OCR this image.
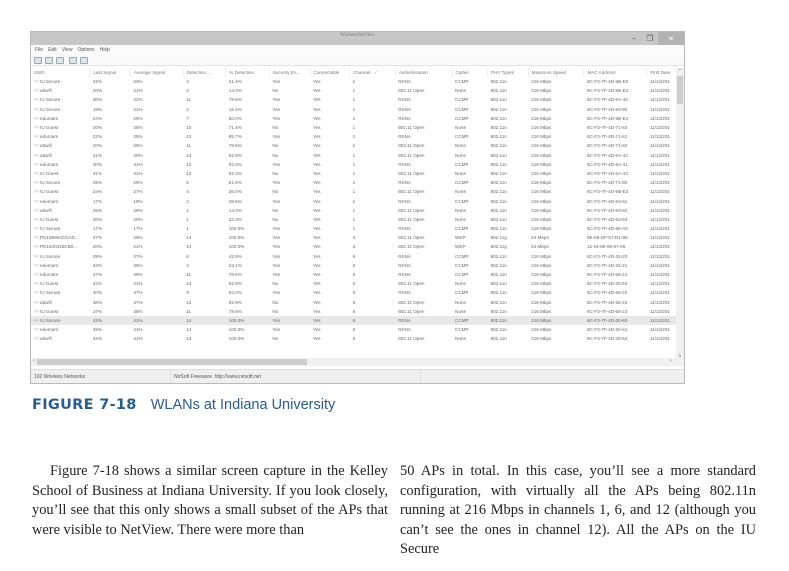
WirelessNetView	–	❐	✕
File Edit View Options Help
SSID	Last Signal	Average Signal	Detection ...	% Detection	Security En...	Connectable	Channel... /	Authentication	Cipher	PHY Types	Maximum Speed	MAC Address	First Date
((•))IU Secure	22%	23%	3	21.4%	Yes	Yes	1	RSNA	CCMP	802.11n	216 Mbps	6C-F3-7F-4D-5B-E0	11/12/201
((•))attwifi	20%	21%	2	14.3%	No	Yes	1	802.11 Open	None	802.11n	216 Mbps	6C-F3-7F-4D-5B-E2	11/12/201
((•))IU Secure	30%	32%	11	78.6%	Yes	Yes	1	RSNA	CCMP	802.11n	216 Mbps	6C-F3-7F-4D-6A-40	11/12/201
((•))IU Secure	19%	21%	2	15.4%	Yes	Yes	1	RSNA	CCMP	802.11n	216 Mbps	6C-F3-7F-4D-63-80	11/12/201
((•))eduroam	24%	25%	7	50.0%	Yes	Yes	1	RSNA	CCMP	802.11n	216 Mbps	6C-F3-7F-4D-5B-E1	11/12/201
((•))IU Guest	20%	25%	10	71.4%	No	Yes	1	802.11 Open	None	802.11n	216 Mbps	6C-F3-7F-4D-71-83	11/12/201
((•))eduroam	22%	25%	12	85.7%	Yes	Yes	1	RSNA	CCMP	802.11n	216 Mbps	6C-F3-7F-4D-71-81	11/12/201
((•))attwifi	20%	25%	11	78.6%	No	Yes	1	802.11 Open	None	802.11n	216 Mbps	6C-F3-7F-4D-71-82	11/12/201
((•))attwifi	31%	30%	13	92.9%	No	Yes	1	802.11 Open	None	802.11n	216 Mbps	6C-F3-7F-4D-6A-42	11/12/201
((•))eduroam	30%	31%	12	92.3%	Yes	Yes	1	RSNA	CCMP	802.11n	216 Mbps	6C-F3-7F-4D-6A-41	11/12/201
((•))IU Guest	31%	31%	12	92.3%	No	Yes	1	802.11 Open	None	802.11n	216 Mbps	6C-F3-7F-4D-6A-43	11/12/201
((•))IU Secure	25%	25%	8	61.5%	Yes	Yes	1	RSNA	CCMP	802.11n	216 Mbps	6C-F3-7F-4D-71-80	11/12/201
((•))IU Guest	24%	27%	4	36.4%	No	Yes	1	802.11 Open	None	802.11n	216 Mbps	6C-F3-7F-4D-5B-E3	11/12/201
((•))eduroam	17%	19%	2	28.6%	Yes	Yes	1	RSNA	CCMP	802.11n	216 Mbps	6C-F3-7F-4D-63-81	11/12/201
((•))attwifi	25%	25%	1	14.3%	No	Yes	1	802.11 Open	None	802.11n	216 Mbps	6C-F3-7F-4D-63-82	11/12/201
((•))IU Guest	20%	20%	1	33.3%	No	Yes	1	802.11 Open	None	802.11n	216 Mbps	6C-F3-7F-4D-63-83	11/12/201
((•))IU Secure	17%	17%	1	100.0%	Yes	Yes	1	RSNA	CCMP	802.11n	216 Mbps	6C-F3-7F-4D-68-A0	11/12/201
((•))PD199984CDAD...	27%	29%	14	100.0%	Yes	Yes	3	802.11 Open	WEP	802.11g	54 Mbps	9E-05-DF-57-D1-9E	11/12/201
((•))PD1840423CB0...	20%	21%	14	100.0%	Yes	Yes	3	802.11 Open	WEP	802.11g	54 Mbps	12-24-85-08-57-86	11/12/201
((•))IU Secure	39%	37%	6	42.9%	Yes	Yes	6	RSNA	CCMP	802.11n	216 Mbps	6C-F3-7F-4D-32-20	11/12/201
((•))eduroam	34%	35%	3	23.1%	Yes	Yes	6	RSNA	CCMP	802.11n	216 Mbps	6C-F3-7F-4D-32-21	11/12/201
((•))eduroam	37%	39%	11	78.6%	Yes	Yes	6	RSNA	CCMP	802.11n	216 Mbps	6C-F3-7F-4D-68-21	11/12/201
((•))IU Guest	42%	41%	13	92.9%	No	Yes	6	802.11 Open	None	802.11n	216 Mbps	6C-F3-7F-4D-30-63	11/12/201
((•))IU Secure	40%	37%	9	64.3%	Yes	Yes	6	RSNA	CCMP	802.11n	216 Mbps	6C-F3-7F-4D-68-20	11/12/201
((•))attwifi	36%	37%	13	92.9%	No	Yes	6	802.11 Open	None	802.11n	216 Mbps	6C-F3-7F-4D-68-22	11/12/201
((•))IU Guest	37%	38%	11	78.6%	No	Yes	6	802.11 Open	None	802.11n	216 Mbps	6C-F3-7F-4D-68-23	11/12/201
((•))IU Secure	42%	41%	14	100.0%	Yes	Yes	6	RSNA	CCMP	802.11n	216 Mbps	6C-F3-7F-4D-30-60	11/12/201
((•))eduroam	45%	41%	14	100.0%	Yes	Yes	6	RSNA	CCMP	802.11n	216 Mbps	6C-F3-7F-4D-30-61	11/12/201
((•))attwifi	42%	41%	13	100.0%	No	Yes	6	802.11 Open	None	802.11n	216 Mbps	6C-F3-7F-4D-30-62	11/12/201
^
v
‹	›
102 Wireless Networks	NirSoft Freeware. http://www.nirsoft.net
FIGURE 7-18 WLANs at Indiana University
Figure 7-18 shows a similar screen capture in the Kelley School of Business at Indiana University. If you look closely, you’ll see that this only shows a small subset of the APs that were visible to NetView. There were more than
50 APs in total. In this case, you’ll see a more standard configuration, with virtually all the APs being 802.11n running at 216 Mbps in channels 1, 6, and 12 (although you can’t see the ones in channel 12). All the APs on the IU Secure
